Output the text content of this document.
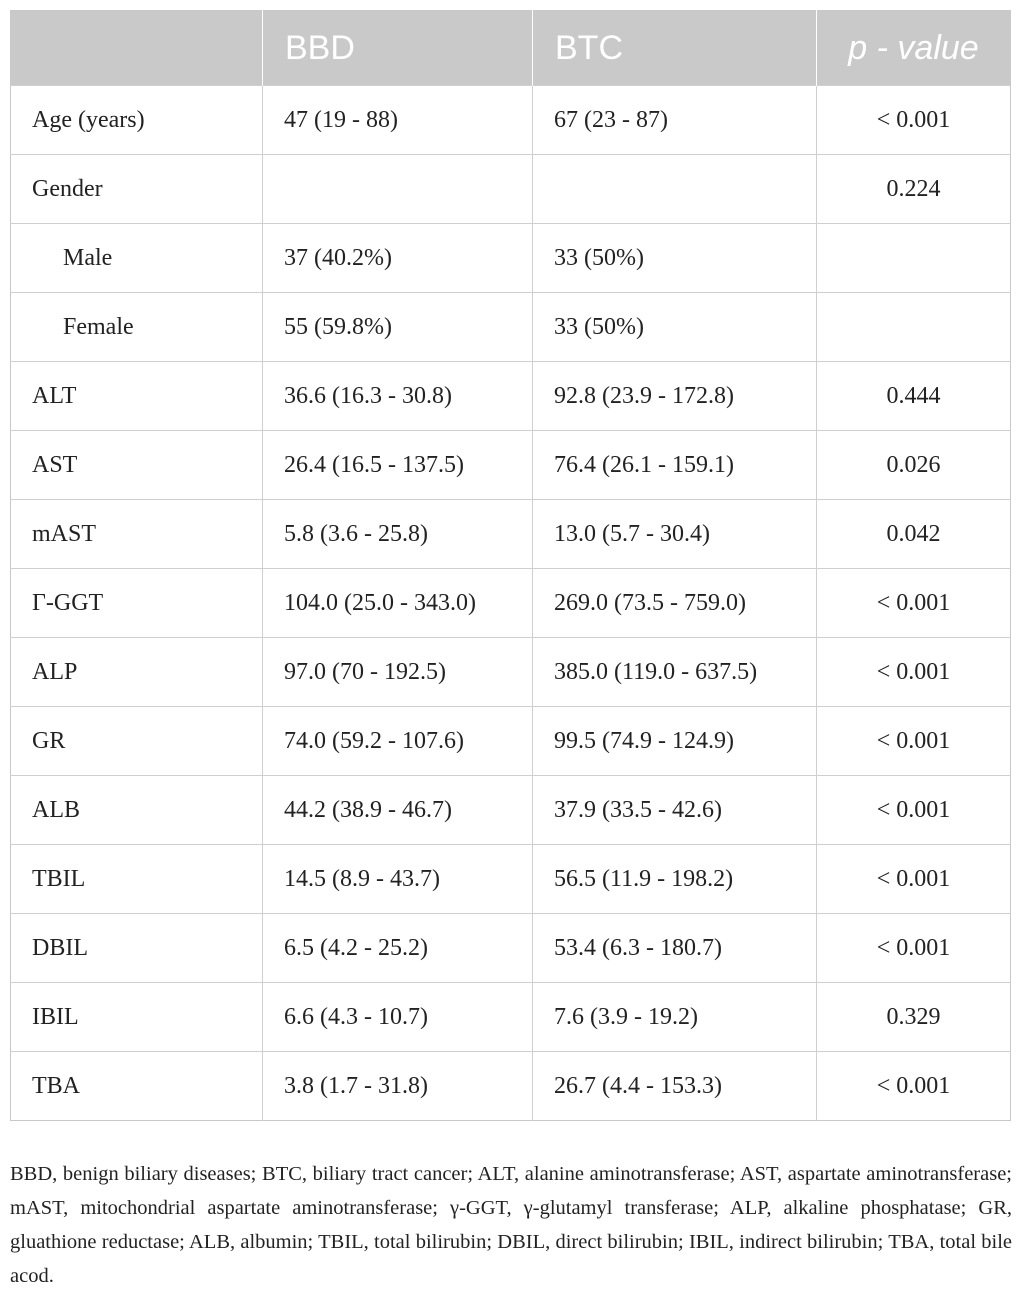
	BBD	BTC	p - value
Age (years)	47 (19 - 88)	67 (23 - 87)	< 0.001
Gender			0.224
Male	37 (40.2%)	33 (50%)	
Female	55 (59.8%)	33 (50%)	
ALT	36.6 (16.3 - 30.8)	92.8 (23.9 - 172.8)	0.444
AST	26.4 (16.5 - 137.5)	76.4 (26.1 - 159.1)	0.026
mAST	5.8 (3.6 - 25.8)	13.0 (5.7 - 30.4)	0.042
Γ-GGT	104.0 (25.0 - 343.0)	269.0 (73.5 - 759.0)	< 0.001
ALP	97.0 (70 - 192.5)	385.0 (119.0 - 637.5)	< 0.001
GR	74.0 (59.2 - 107.6)	99.5 (74.9 - 124.9)	< 0.001
ALB	44.2 (38.9 - 46.7)	37.9 (33.5 - 42.6)	< 0.001
TBIL	14.5 (8.9 - 43.7)	56.5 (11.9 - 198.2)	< 0.001
DBIL	6.5 (4.2 - 25.2)	53.4 (6.3 - 180.7)	< 0.001
IBIL	6.6 (4.3 - 10.7)	7.6 (3.9 - 19.2)	0.329
TBA	3.8 (1.7 - 31.8)	26.7 (4.4 - 153.3)	< 0.001

BBD, benign biliary diseases; BTC, biliary tract cancer; ALT, alanine aminotransferase; AST, aspartate aminotransferase; mAST, mitochondrial aspartate aminotransferase; γ-GGT, γ-glutamyl transferase; ALP, alkaline phosphatase; GR, gluathione reductase; ALB, albumin; TBIL, total bilirubin; DBIL, direct bilirubin; IBIL, indirect bilirubin; TBA, total bile acod.
